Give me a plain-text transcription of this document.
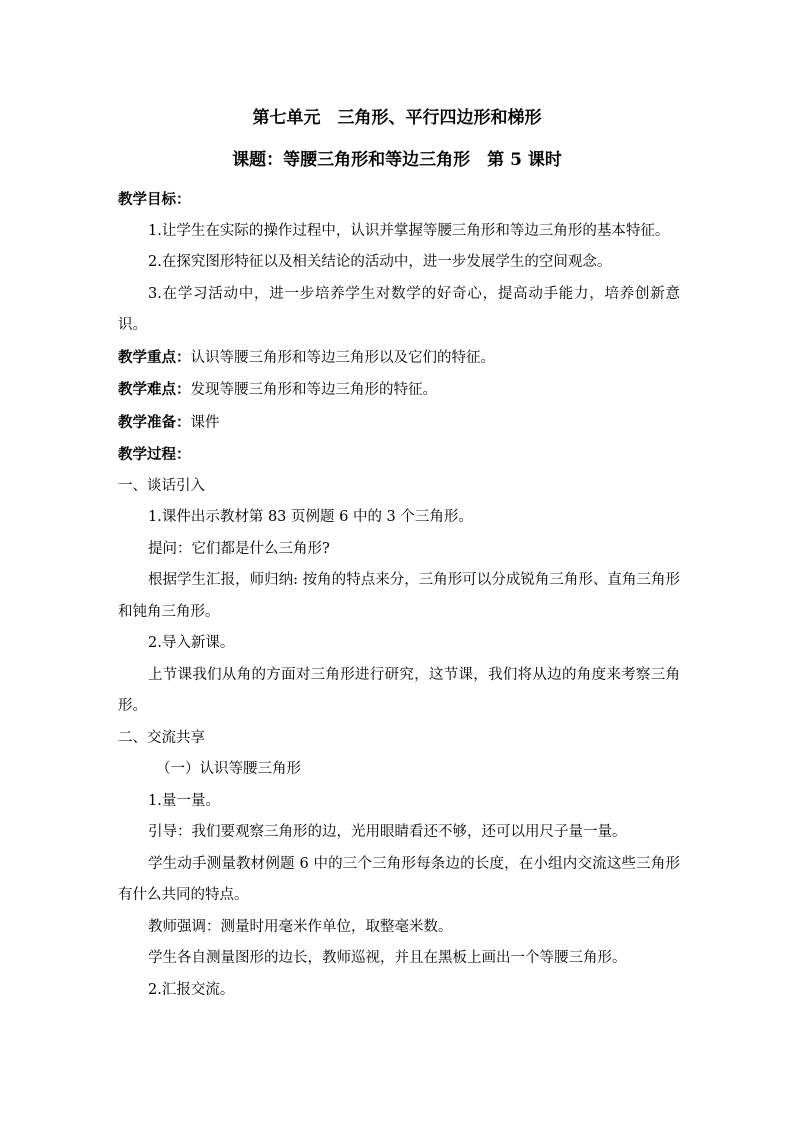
第七单元　三角形、平行四边形和梯形
课题：等腰三角形和等边三角形　第 5 课时

教学目标：

1.让学生在实际的操作过程中，认识并掌握等腰三角形和等边三角形的基本特征。

2.在探究图形特征以及相关结论的活动中，进一步发展学生的空间观念。

3.在学习活动中，进一步培养学生对数学的好奇心，提高动手能力，培养创新意识。

教学重点：认识等腰三角形和等边三角形以及它们的特征。

教学难点：发现等腰三角形和等边三角形的特征。

教学准备：课件

教学过程：

一、谈话引入

1.课件出示教材第 83 页例题 6 中的 3 个三角形。

提问：它们都是什么三角形?

根据学生汇报，师归纳: 按角的特点来分，三角形可以分成锐角三角形、直角三角形和钝角三角形。

2.导入新课。

上节课我们从角的方面对三角形进行研究，这节课，我们将从边的角度来考察三角形。

二、交流共享

（一）认识等腰三角形

1.量一量。

引导：我们要观察三角形的边，光用眼睛看还不够，还可以用尺子量一量。

学生动手测量教材例题 6 中的三个三角形每条边的长度，在小组内交流这些三角形有什么共同的特点。

教师强调：测量时用毫米作单位，取整毫米数。

学生各自测量图形的边长，教师巡视，并且在黑板上画出一个等腰三角形。

2.汇报交流。
